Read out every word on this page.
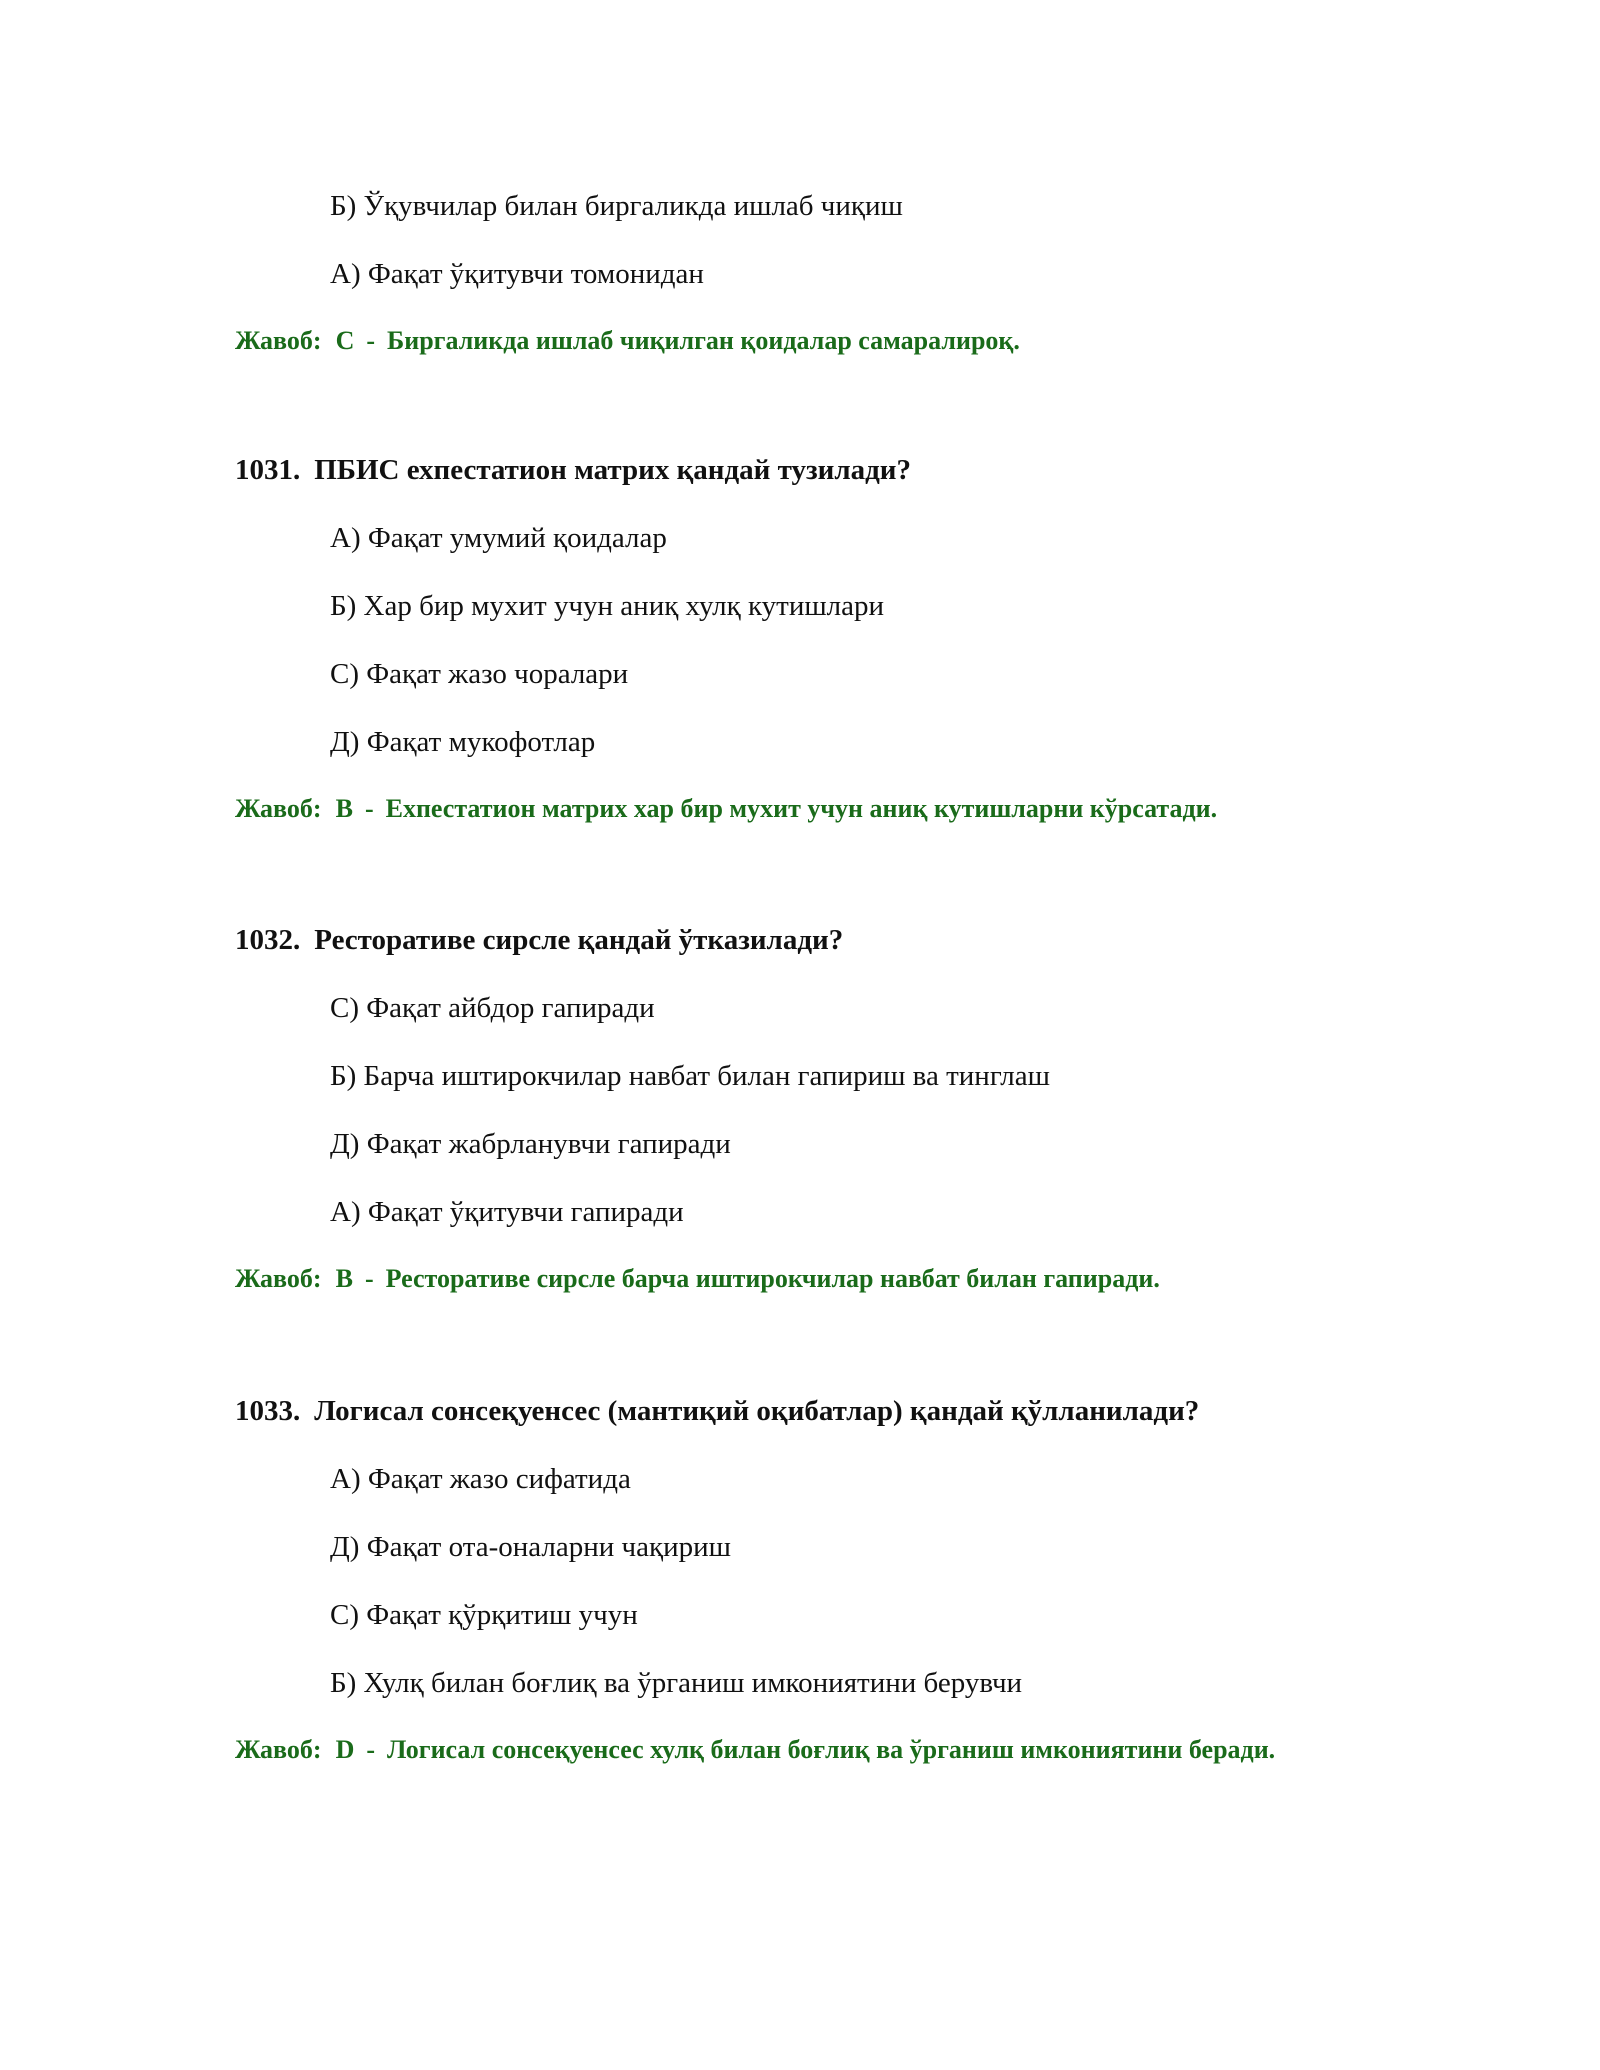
Б) Ўқувчилар билан биргаликда ишлаб чиқиш
А) Фақат ўқитувчи томонидан
Жавоб: C - Биргаликда ишлаб чиқилган қоидалар самаралироқ.
1031. ПБИС ехпестатион матрих қандай тузилади?
А) Фақат умумий қоидалар
Б) Хар бир мухит учун аниқ хулқ кутишлари
С) Фақат жазо чоралари
Д) Фақат мукофотлар
Жавоб: B - Ехпестатион матрих хар бир мухит учун аниқ кутишларни кўрсатади.
1032. Ресторативе сирсле қандай ўтказилади?
С) Фақат айбдор гапиради
Б) Барча иштирокчилар навбат билан гапириш ва тинглаш
Д) Фақат жабрланувчи гапиради
А) Фақат ўқитувчи гапиради
Жавоб: B - Ресторативе сирсле барча иштирокчилар навбат билан гапиради.
1033. Логисал сонсеқуенсес (мантиқий оқибатлар) қандай қўлланилади?
А) Фақат жазо сифатида
Д) Фақат ота-оналарни чақириш
С) Фақат қўрқитиш учун
Б) Хулқ билан боғлиқ ва ўрганиш имкониятини берувчи
Жавоб: D - Логисал сонсеқуенсес хулқ билан боғлиқ ва ўрганиш имкониятини беради.
